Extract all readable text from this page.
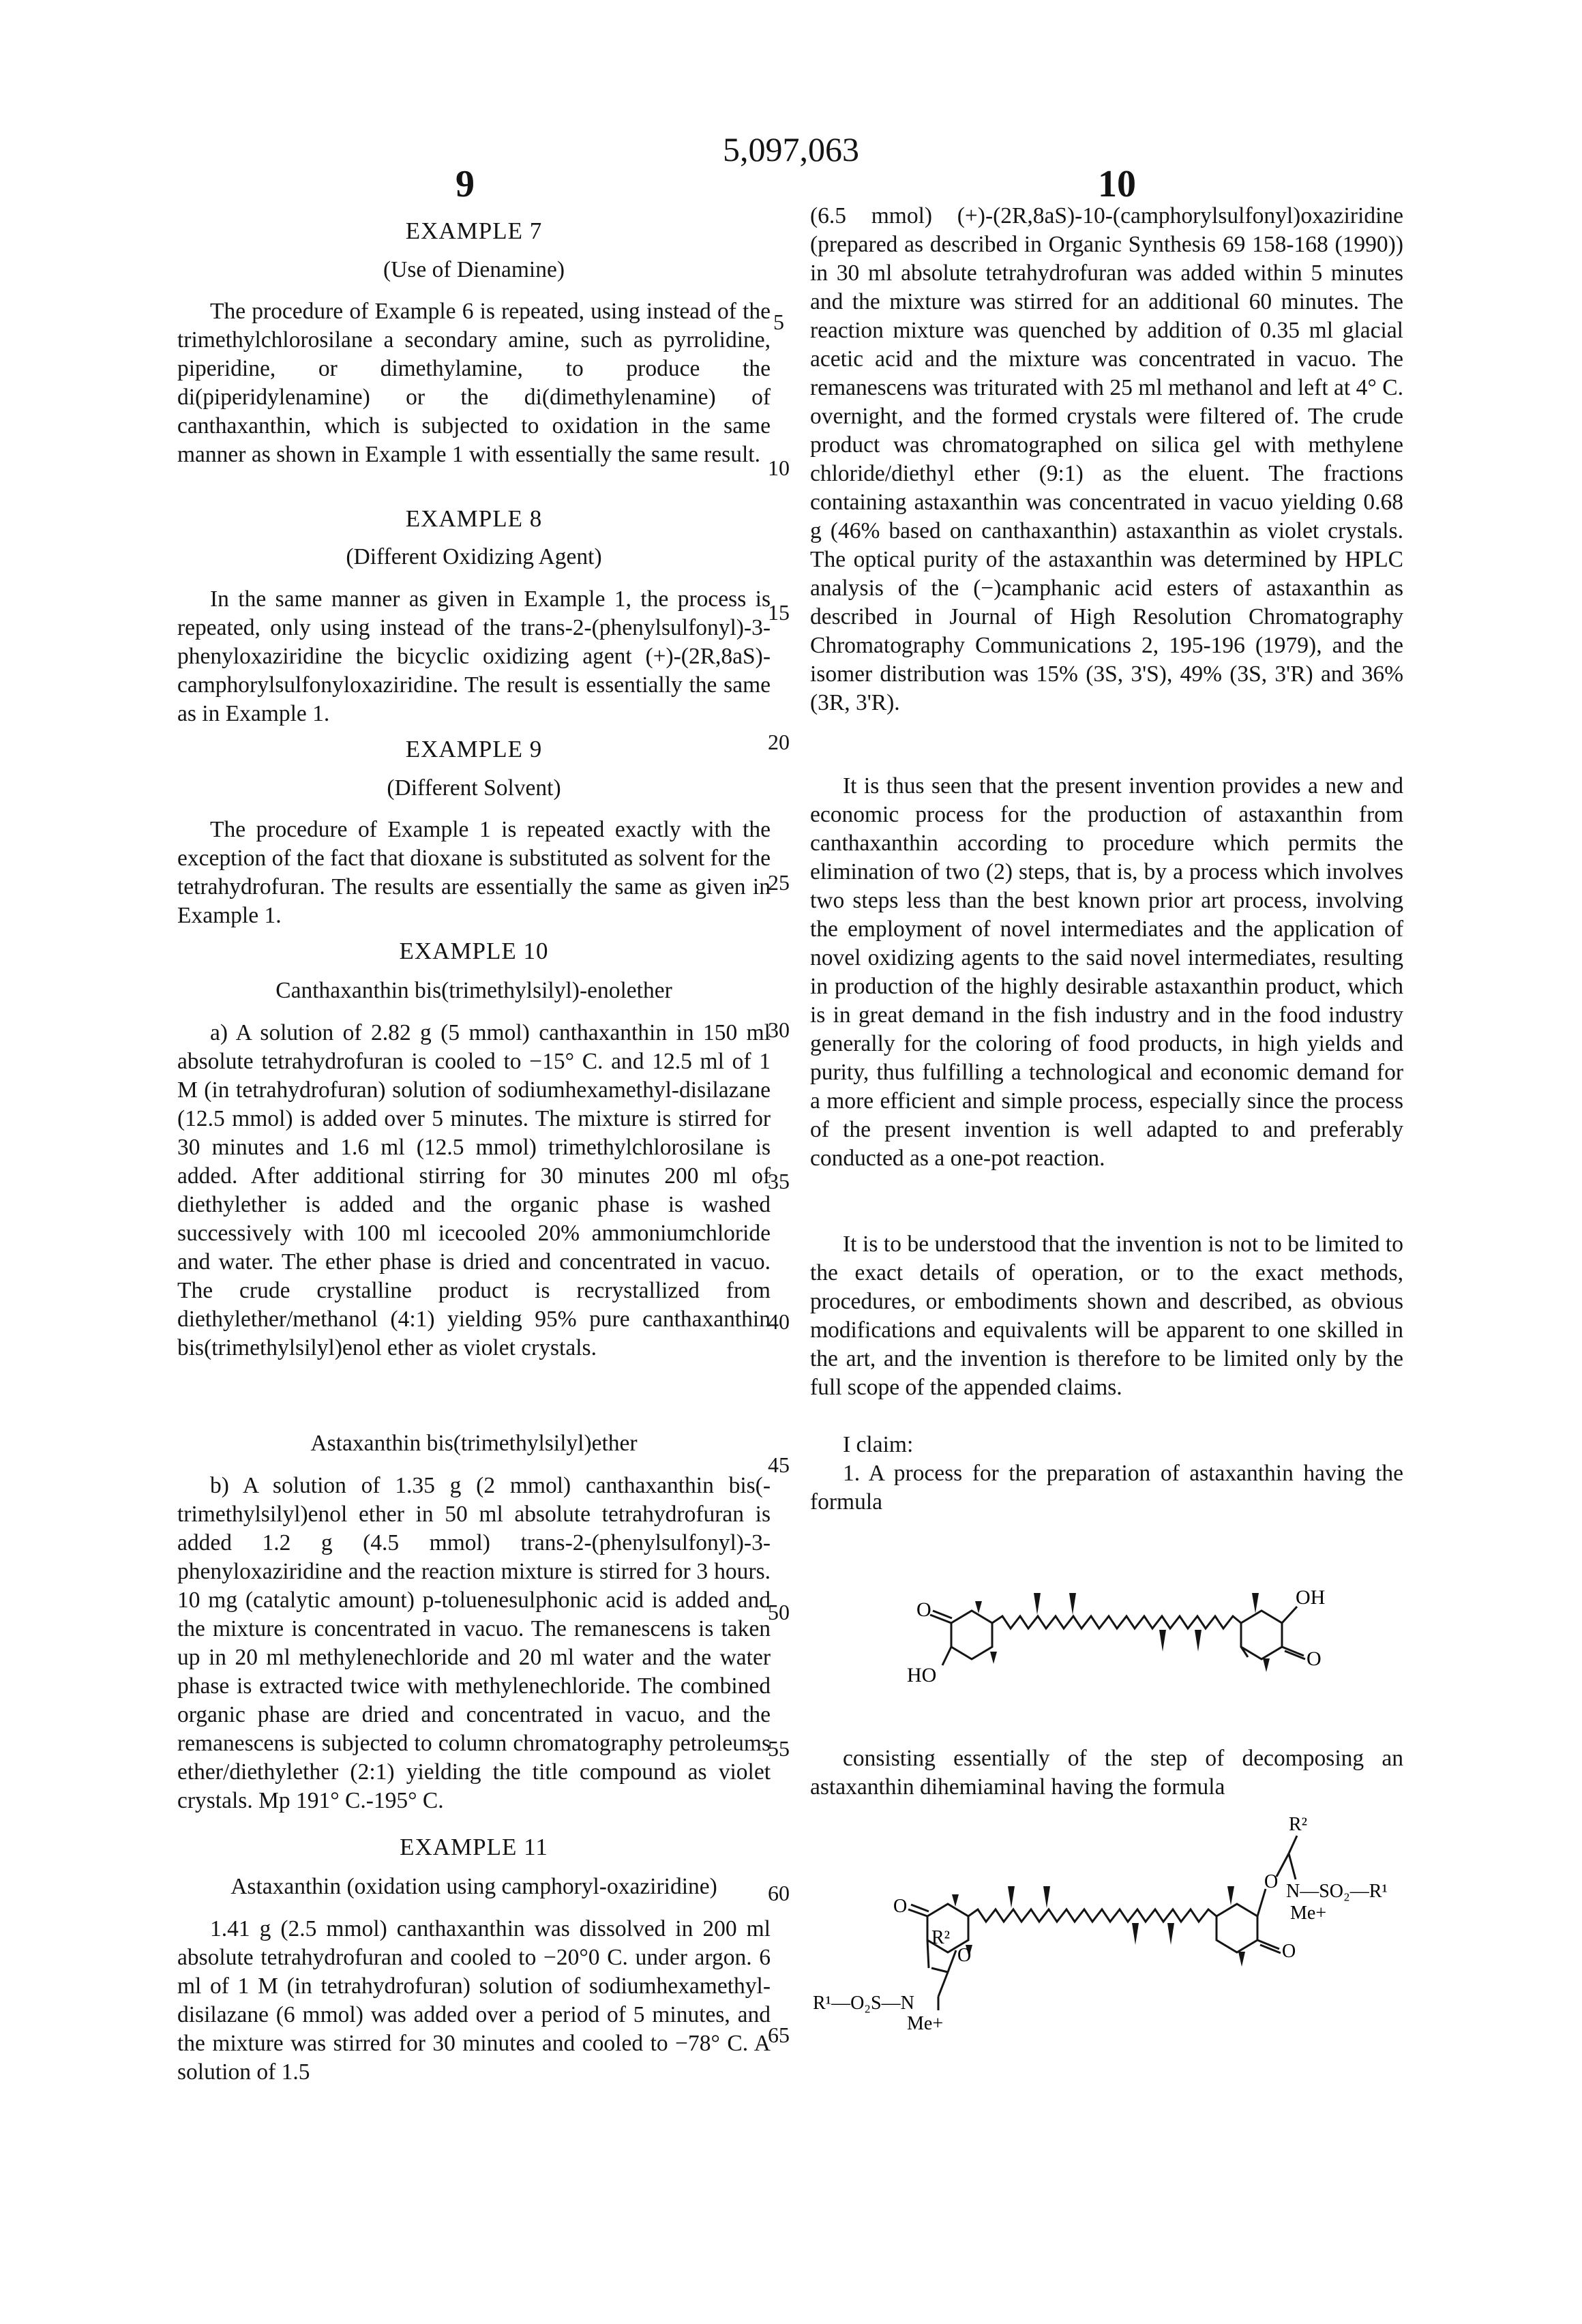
5,097,063
9	10
EXAMPLE 7
(Use of Dienamine)

The procedure of Example 6 is repeated, using instead of the trimethylchlorosilane a secondary amine, such as pyrrolidine, piperidine, or dimethylamine, to produce the di(piperidylenamine) or the di(dimethylenamine) of canthaxanthin, which is subjected to oxidation in the same manner as shown in Example 1 with essentially the same result.

EXAMPLE 8
(Different Oxidizing Agent)

In the same manner as given in Example 1, the process is repeated, only using instead of the trans-2-(phenylsulfonyl)-3-phenyloxaziridine the bicyclic oxidizing agent (+)-(2R,8aS)-camphorylsulfonyloxaziridine. The result is essentially the same as in Example 1.

EXAMPLE 9
(Different Solvent)

The procedure of Example 1 is repeated exactly with the exception of the fact that dioxane is substituted as solvent for the tetrahydrofuran. The results are essentially the same as given in Example 1.

EXAMPLE 10
Canthaxanthin bis(trimethylsilyl)-enolether

a) A solution of 2.82 g (5 mmol) canthaxanthin in 150 ml absolute tetrahydrofuran is cooled to −15° C. and 12.5 ml of 1 M (in tetrahydrofuran) solution of sodiumhexamethyl-disilazane (12.5 mmol) is added over 5 minutes. The mixture is stirred for 30 minutes and 1.6 ml (12.5 mmol) trimethylchlorosilane is added. After additional stirring for 30 minutes 200 ml of diethylether is added and the organic phase is washed successively with 100 ml icecooled 20% ammoniumchloride and water. The ether phase is dried and concentrated in vacuo. The crude crystalline product is recrystallized from diethylether/methanol (4:1) yielding 95% pure canthaxanthin bis(trimethylsilyl)enol ether as violet crystals.

Astaxanthin bis(trimethylsilyl)ether

b) A solution of 1.35 g (2 mmol) canthaxanthin bis(-trimethylsilyl)enol ether in 50 ml absolute tetrahydrofuran is added 1.2 g (4.5 mmol) trans-2-(phenylsulfonyl)-3-phenyloxaziridine and the reaction mixture is stirred for 3 hours. 10 mg (catalytic amount) p-toluenesulphonic acid is added and the mixture is concentrated in vacuo. The remanescens is taken up in 20 ml methylenechloride and 20 ml water and the water phase is extracted twice with methylenechloride. The combined organic phase are dried and concentrated in vacuo, and the remanescens is subjected to column chromatography petroleums ether/diethylether (2:1) yielding the title compound as violet crystals. Mp 191° C.-195° C.

EXAMPLE 11
Astaxanthin (oxidation using camphoryl-oxaziridine)

1.41 g (2.5 mmol) canthaxanthin was dissolved in 200 ml absolute tetrahydrofuran and cooled to −20°0 C. under argon. 6 ml of 1 M (in tetrahydrofuran) solution of sodiumhexamethyl-disilazane (6 mmol) was added over a period of 5 minutes, and the mixture was stirred for 30 minutes and cooled to −78° C. A solution of 1.5

5
10
15
20
25
30
35
40
45
50
55
60
65

(6.5 mmol) (+)-(2R,8aS)-10-(camphorylsulfonyl)oxaziridine (prepared as described in Organic Synthesis 69 158-168 (1990)) in 30 ml absolute tetrahydrofuran was added within 5 minutes and the mixture was stirred for an additional 60 minutes. The reaction mixture was quenched by addition of 0.35 ml glacial acetic acid and the mixture was concentrated in vacuo. The remanescens was triturated with 25 ml methanol and left at 4° C. overnight, and the formed crystals were filtered of. The crude product was chromatographed on silica gel with methylene chloride/diethyl ether (9:1) as the eluent. The fractions containing astaxanthin was concentrated in vacuo yielding 0.68 g (46% based on canthaxanthin) astaxanthin as violet crystals. The optical purity of the astaxanthin was determined by HPLC analysis of the (−)camphanic acid esters of astaxanthin as described in Journal of High Resolution Chromatography Chromatography Communications 2, 195-196 (1979), and the isomer distribution was 15% (3S, 3'S), 49% (3S, 3'R) and 36% (3R, 3'R).

It is thus seen that the present invention provides a new and economic process for the production of astaxanthin from canthaxanthin according to procedure which permits the elimination of two (2) steps, that is, by a process which involves two steps less than the best known prior art process, involving the employment of novel intermediates and the application of novel oxidizing agents to the said novel intermediates, resulting in production of the highly desirable astaxanthin product, which is in great demand in the fish industry and in the food industry generally for the coloring of food products, in high yields and purity, thus fulfilling a technological and economic demand for a more efficient and simple process, especially since the process of the present invention is well adapted to and preferably conducted as a one-pot reaction.

It is to be understood that the invention is not to be limited to the exact details of operation, or to the exact methods, procedures, or embodiments shown and described, as obvious modifications and equivalents will be apparent to one skilled in the art, and the invention is therefore to be limited only by the full scope of the appended claims.

I claim:

1. A process for the preparation of astaxanthin having the formula

consisting essentially of the step of decomposing an astaxanthin dihemiaminal having the formula

OH
O
O
HO
R²
O N—SO₂—R¹
Me+
O
O
R²
O
R¹—O₂S—N
Me+
